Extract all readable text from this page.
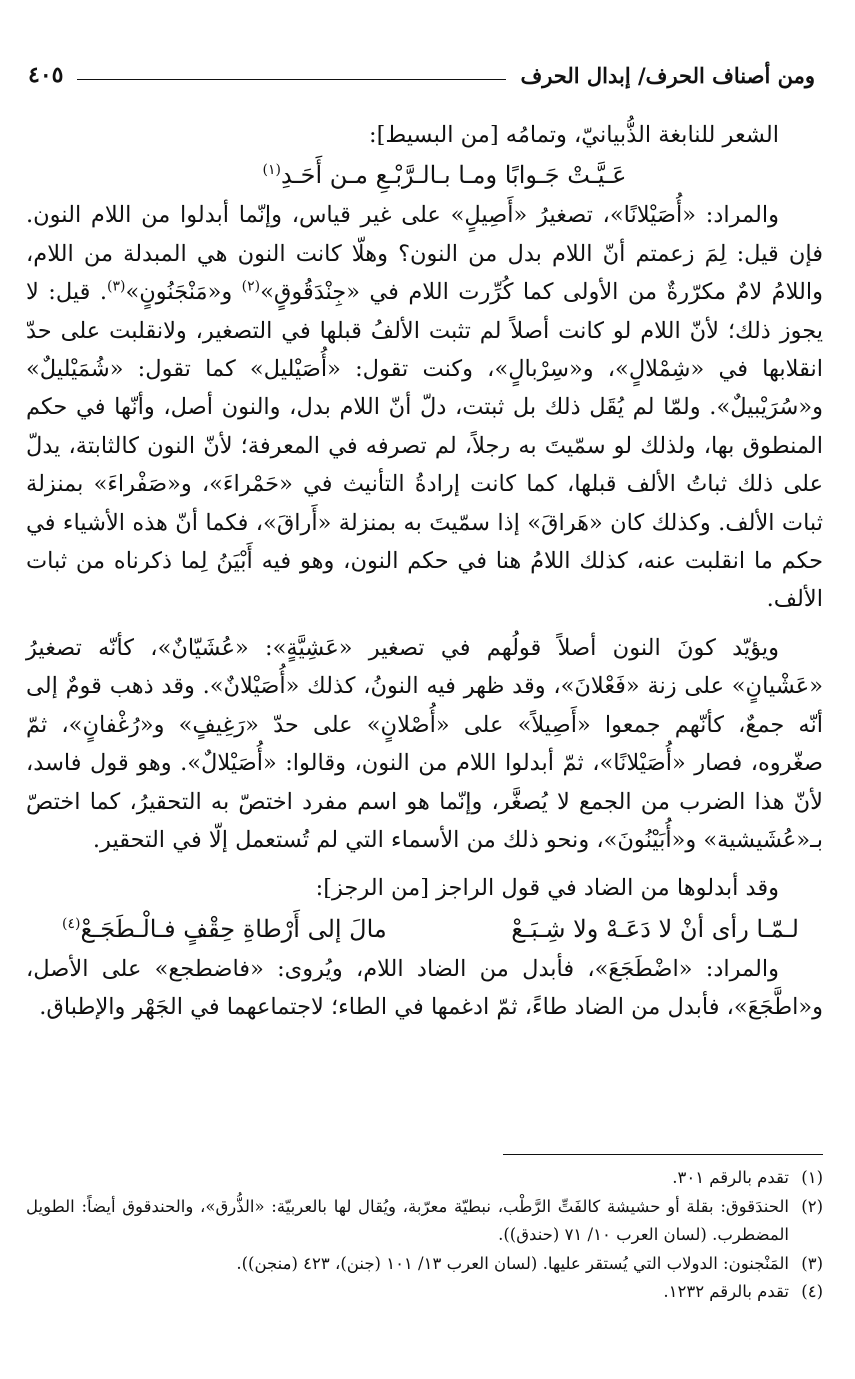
ومن أصناف الحرف/ إبدال الحرف
٤٠٥

الشعر للنابغة الذُّبيانيّ، وتمامُه [من البسيط]:

عَـيَّـتْ جَـوابًا ومـا بـالـرَّبْـعِ مـن أَحَـدِ$^{(١)}$

والمراد: «أُصَيْلانًا»، تصغيرُ «أَصِيلٍ» على غير قياس، وإنّما أبدلوا من اللام النون. فإن قيل: لِمَ زعمتم أنّ اللام بدل من النون؟ وهلّا كانت النون هي المبدلة من اللام، واللامُ لامٌ مكرّرةٌ من الأولى كما كُرِّرت اللام في «جِنْدَقُوقٍ»$^{(٢)}$ و«مَنْجَنُونٍ»$^{(٣)}$. قيل: لا يجوز ذلك؛ لأنّ اللام لو كانت أصلاً لم تثبت الألفُ قبلها في التصغير، ولانقلبت على حدّ انقلابها في «شِمْلالٍ»، و«سِرْبالٍ»، وكنت تقول: «أُصَيْليل» كما تقول: «شُمَيْليلٌ» و«سُرَيْبيلٌ». ولمّا لم يُقَل ذلك بل ثبتت، دلّ أنّ اللام بدل، والنون أصل، وأنّها في حكم المنطوق بها، ولذلك لو سمّيتَ به رجلاً، لم تصرفه في المعرفة؛ لأنّ النون كالثابتة، يدلّ على ذلك ثباتُ الألف قبلها، كما كانت إرادةُ التأنيث في «حَمْراءَ»، و«صَفْراءَ» بمنزلة ثبات الألف. وكذلك كان «هَراقَ» إذا سمّيتَ به بمنزلة «أَراقَ»، فكما أنّ هذه الأشياء في حكم ما انقلبت عنه، كذلك اللامُ هنا في حكم النون، وهو فيه أَبْيَنُ لِما ذكرناه من ثبات الألف.

ويؤيّد كونَ النون أصلاً قولُهم في تصغير «عَشِيَّةٍ»: «عُشَيّانٌ»، كأنّه تصغيرُ «عَشْيانٍ» على زنة «فَعْلانَ»، وقد ظهر فيه النونُ، كذلك «أُصَيْلانٌ». وقد ذهب قومٌ إلى أنّه جمعٌ، كأنّهم جمعوا «أَصِيلاً» على «أُصْلانٍ» على حدّ «رَغِيفٍ» و«رُغْفانٍ»، ثمّ صغّروه، فصار «أُصَيْلانًا»، ثمّ أبدلوا اللام من النون، وقالوا: «أُصَيْلالٌ». وهو قول فاسد، لأنّ هذا الضرب من الجمع لا يُصغَّر، وإنّما هو اسم مفرد اختصّ به التحقيرُ، كما اختصّ بـ«عُشَيشية» و«أُبَيْنُونَ»، ونحو ذلك من الأسماء التي لم تُستعمل إلّا في التحقير.

وقد أبدلوها من الضاد في قول الراجز [من الرجز]:

لـمّـا رأى أنْ لا دَعَـهْ ولا شِـبَـعْ
مالَ إلى أَرْطاةِ حِقْفٍ فـالْـطَجَـعْ$^{(٤)}$

والمراد: «اضْطَجَعَ»، فأبدل من الضاد اللام، ويُروى: «فاضطجع» على الأصل، و«اطَّجَعَ»، فأبدل من الضاد طاءً، ثمّ ادغمها في الطاء؛ لاجتماعهما في الجَهْر والإطباق.

(١)
تقدم بالرقم ٣٠١.
(٢)
الحندَقوق: بقلة أو حشيشة كالفَتِّ الرَّطْب، نبطيّة معرّبة، ويُقال لها بالعربيّة: «الذُّرق»، والحندقوق أيضاً: الطويل المضطرب. (لسان العرب ١٠/ ٧١ (حندق)).
(٣)
المَنْجنون: الدولاب التي يُستقر عليها. (لسان العرب ١٣/ ١٠١ (جنن)، ٤٢٣ (منجن)).
(٤)
تقدم بالرقم ١٢٣٢.
